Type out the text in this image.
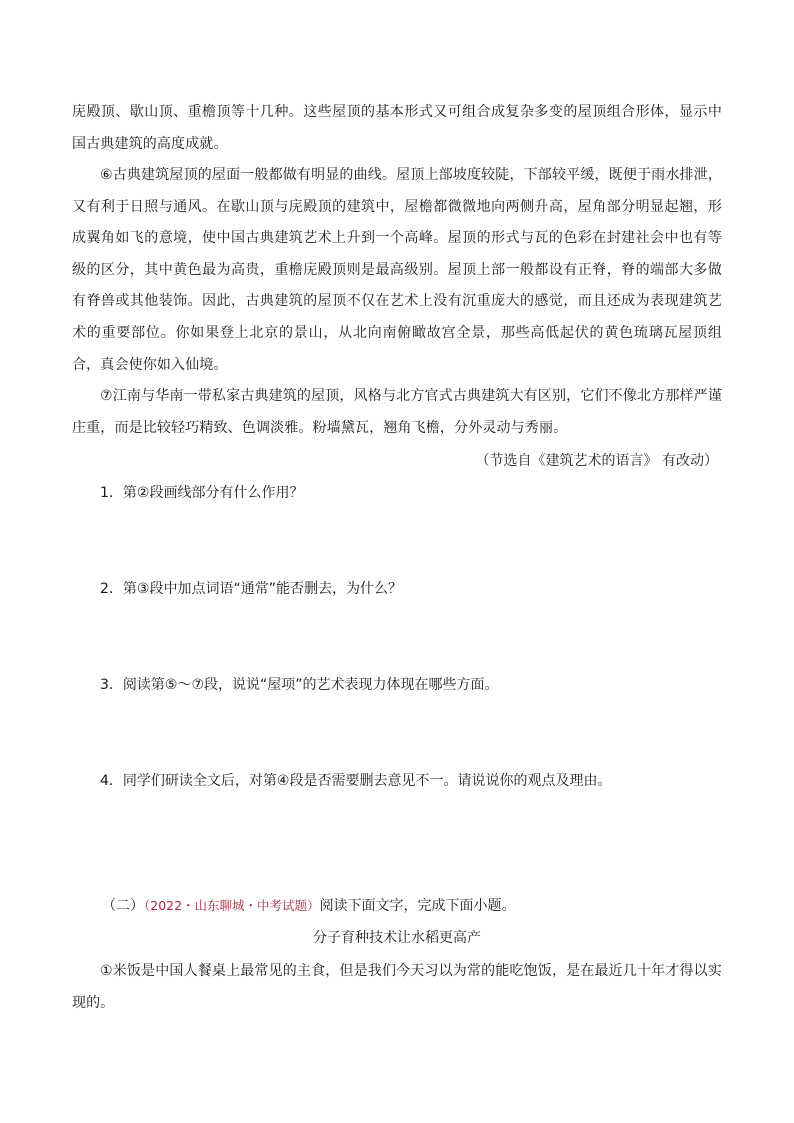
庑殿顶、歇山顶、重檐顶等十几种。这些屋顶的基本形式又可组合成复杂多变的屋顶组合形体，显示中国古典建筑的高度成就。

⑥古典建筑屋顶的屋面一般都做有明显的曲线。屋顶上部坡度较陡，下部较平缓，既便于雨水排泄，又有利于日照与通风。在歇山顶与庑殿顶的建筑中，屋檐都微微地向两侧升高，屋角部分明显起翘，形成翼角如飞的意境，使中国古典建筑艺术上升到一个高峰。屋顶的形式与瓦的色彩在封建社会中也有等级的区分，其中黄色最为高贵，重檐庑殿顶则是最高级别。屋顶上部一般都设有正脊，脊的端部大多做有脊兽或其他装饰。因此，古典建筑的屋顶不仅在艺术上没有沉重庞大的感觉，而且还成为表现建筑艺术的重要部位。你如果登上北京的景山，从北向南俯瞰故宫全景，那些高低起伏的黄色琉璃瓦屋顶组合，真会使你如入仙境。

⑦江南与华南一带私家古典建筑的屋顶，风格与北方官式古典建筑大有区别，它们不像北方那样严谨庄重，而是比较轻巧精致、色调淡雅。粉墙黛瓦，翘角飞檐，分外灵动与秀丽。

（节选自《建筑艺术的语言》 有改动）

1．第②段画线部分有什么作用？

2．第③段中加点词语“通常”能否删去，为什么？

3．阅读第⑤～⑦段，说说“屋项”的艺术表现力体现在哪些方面。

4．同学们研读全文后，对第④段是否需要删去意见不一。请说说你的观点及理由。

（二）（2022・山东聊城・中考试题）阅读下面文字，完成下面小题。

分子育种技术让水稻更高产

①米饭是中国人餐桌上最常见的主食，但是我们今天习以为常的能吃饱饭，是在最近几十年才得以实现的。
